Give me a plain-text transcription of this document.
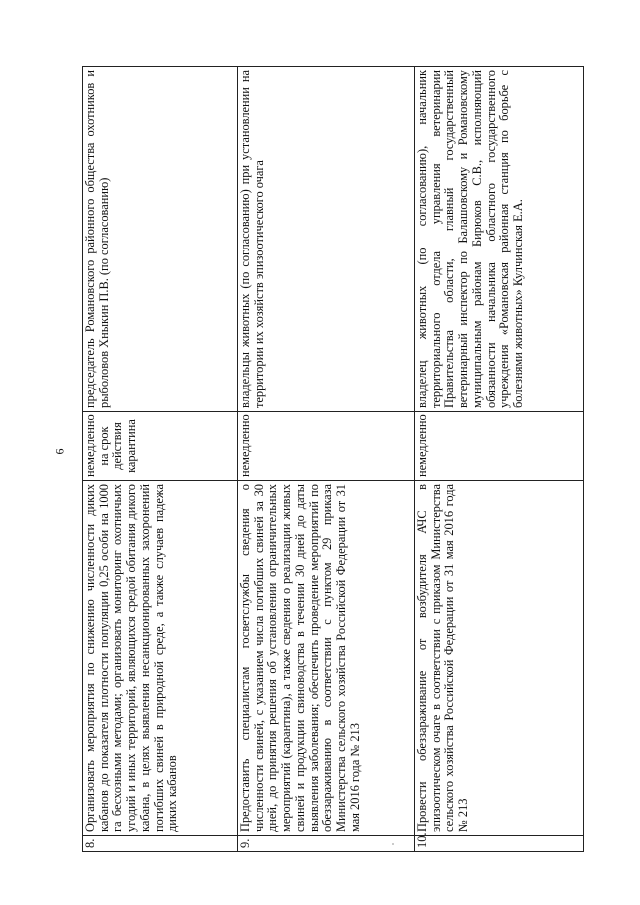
6
8.	Организовать мероприятия по снижению численности диких кабанов до показателя плотности популяции 0,25 особи на 1000 га бесхозными методами; организовать мониторинг охотничьих угодий и иных территорий, являющихся средой обитания дикого кабана, в целях выявления несанкционированных захоронений погибших свиней в природной среде, а также случаев падежа диких кабанов	немедленно на срок действия карантина	председатель Романовского районного общества охотников и рыболовов Хныкин П.В. (по согласованию)
9.	Предоставить специалистам госветслужбы сведения о численности свиней, с указанием числа погибших свиней за 30 дней, до принятия решения об установлении ограничительных мероприятий (карантина), а также сведения о реализации живых свиней и продукции свиноводства в течении 30 дней до даты выявления заболевания; обеспечить проведение мероприятий по обеззараживанию в соответствии с пунктом 29 приказа Министерства сельского хозяйства Российской Федерации от 31 мая 2016 года № 213	немедленно	владельцы животных (по согласованию) при установлении на территории их хозяйств эпизоотического очага
10.	Провести обеззараживание от возбудителя АЧС в эпизоотическом очаге в соответствии с приказом Министерства сельского хозяйства Российской Федерации от 31 мая 2016 года № 213	немедленно	владелец животных (по согласованию), начальник территориального отдела управления ветеринарии Правительства области, главный государственный ветеринарный инспектор по Балашовскому и Романовскому муниципальным районам Бирюков С.В., исполняющий обязанности начальника областного государственного учреждения «Романовская районная станция по борьбе с болезнями животных» Кулчинская Е.А.
